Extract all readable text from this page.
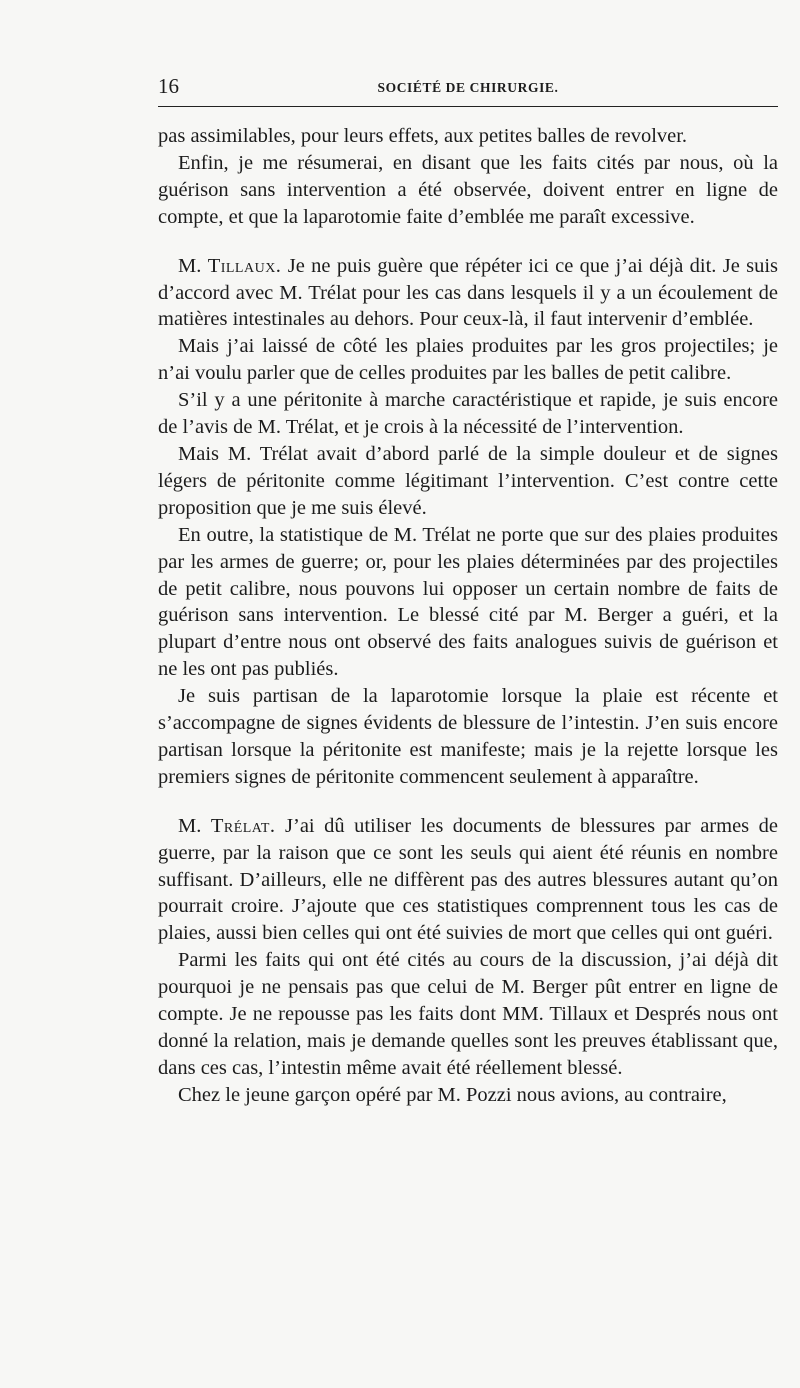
16	SOCIÉTÉ DE CHIRURGIE.

pas assimilables, pour leurs effets, aux petites balles de revolver.

Enfin, je me résumerai, en disant que les faits cités par nous, où la guérison sans intervention a été observée, doivent entrer en ligne de compte, et que la laparotomie faite d’emblée me paraît excessive.

M. Tillaux. Je ne puis guère que répéter ici ce que j’ai déjà dit. Je suis d’accord avec M. Trélat pour les cas dans lesquels il y a un écoulement de matières intestinales au dehors. Pour ceux-là, il faut intervenir d’emblée.

Mais j’ai laissé de côté les plaies produites par les gros projectiles; je n’ai voulu parler que de celles produites par les balles de petit calibre.

S’il y a une péritonite à marche caractéristique et rapide, je suis encore de l’avis de M. Trélat, et je crois à la nécessité de l’intervention.

Mais M. Trélat avait d’abord parlé de la simple douleur et de signes légers de péritonite comme légitimant l’intervention. C’est contre cette proposition que je me suis élevé.

En outre, la statistique de M. Trélat ne porte que sur des plaies produites par les armes de guerre; or, pour les plaies déterminées par des projectiles de petit calibre, nous pouvons lui opposer un certain nombre de faits de guérison sans intervention. Le blessé cité par M. Berger a guéri, et la plupart d’entre nous ont observé des faits analogues suivis de guérison et ne les ont pas publiés.

Je suis partisan de la laparotomie lorsque la plaie est récente et s’accompagne de signes évidents de blessure de l’intestin. J’en suis encore partisan lorsque la péritonite est manifeste; mais je la rejette lorsque les premiers signes de péritonite commencent seulement à apparaître.

M. Trélat. J’ai dû utiliser les documents de blessures par armes de guerre, par la raison que ce sont les seuls qui aient été réunis en nombre suffisant. D’ailleurs, elle ne diffèrent pas des autres blessures autant qu’on pourrait croire. J’ajoute que ces statistiques comprennent tous les cas de plaies, aussi bien celles qui ont été suivies de mort que celles qui ont guéri.

Parmi les faits qui ont été cités au cours de la discussion, j’ai déjà dit pourquoi je ne pensais pas que celui de M. Berger pût entrer en ligne de compte. Je ne repousse pas les faits dont MM. Tillaux et Després nous ont donné la relation, mais je demande quelles sont les preuves établissant que, dans ces cas, l’intestin même avait été réellement blessé.

Chez le jeune garçon opéré par M. Pozzi nous avions, au contraire,
